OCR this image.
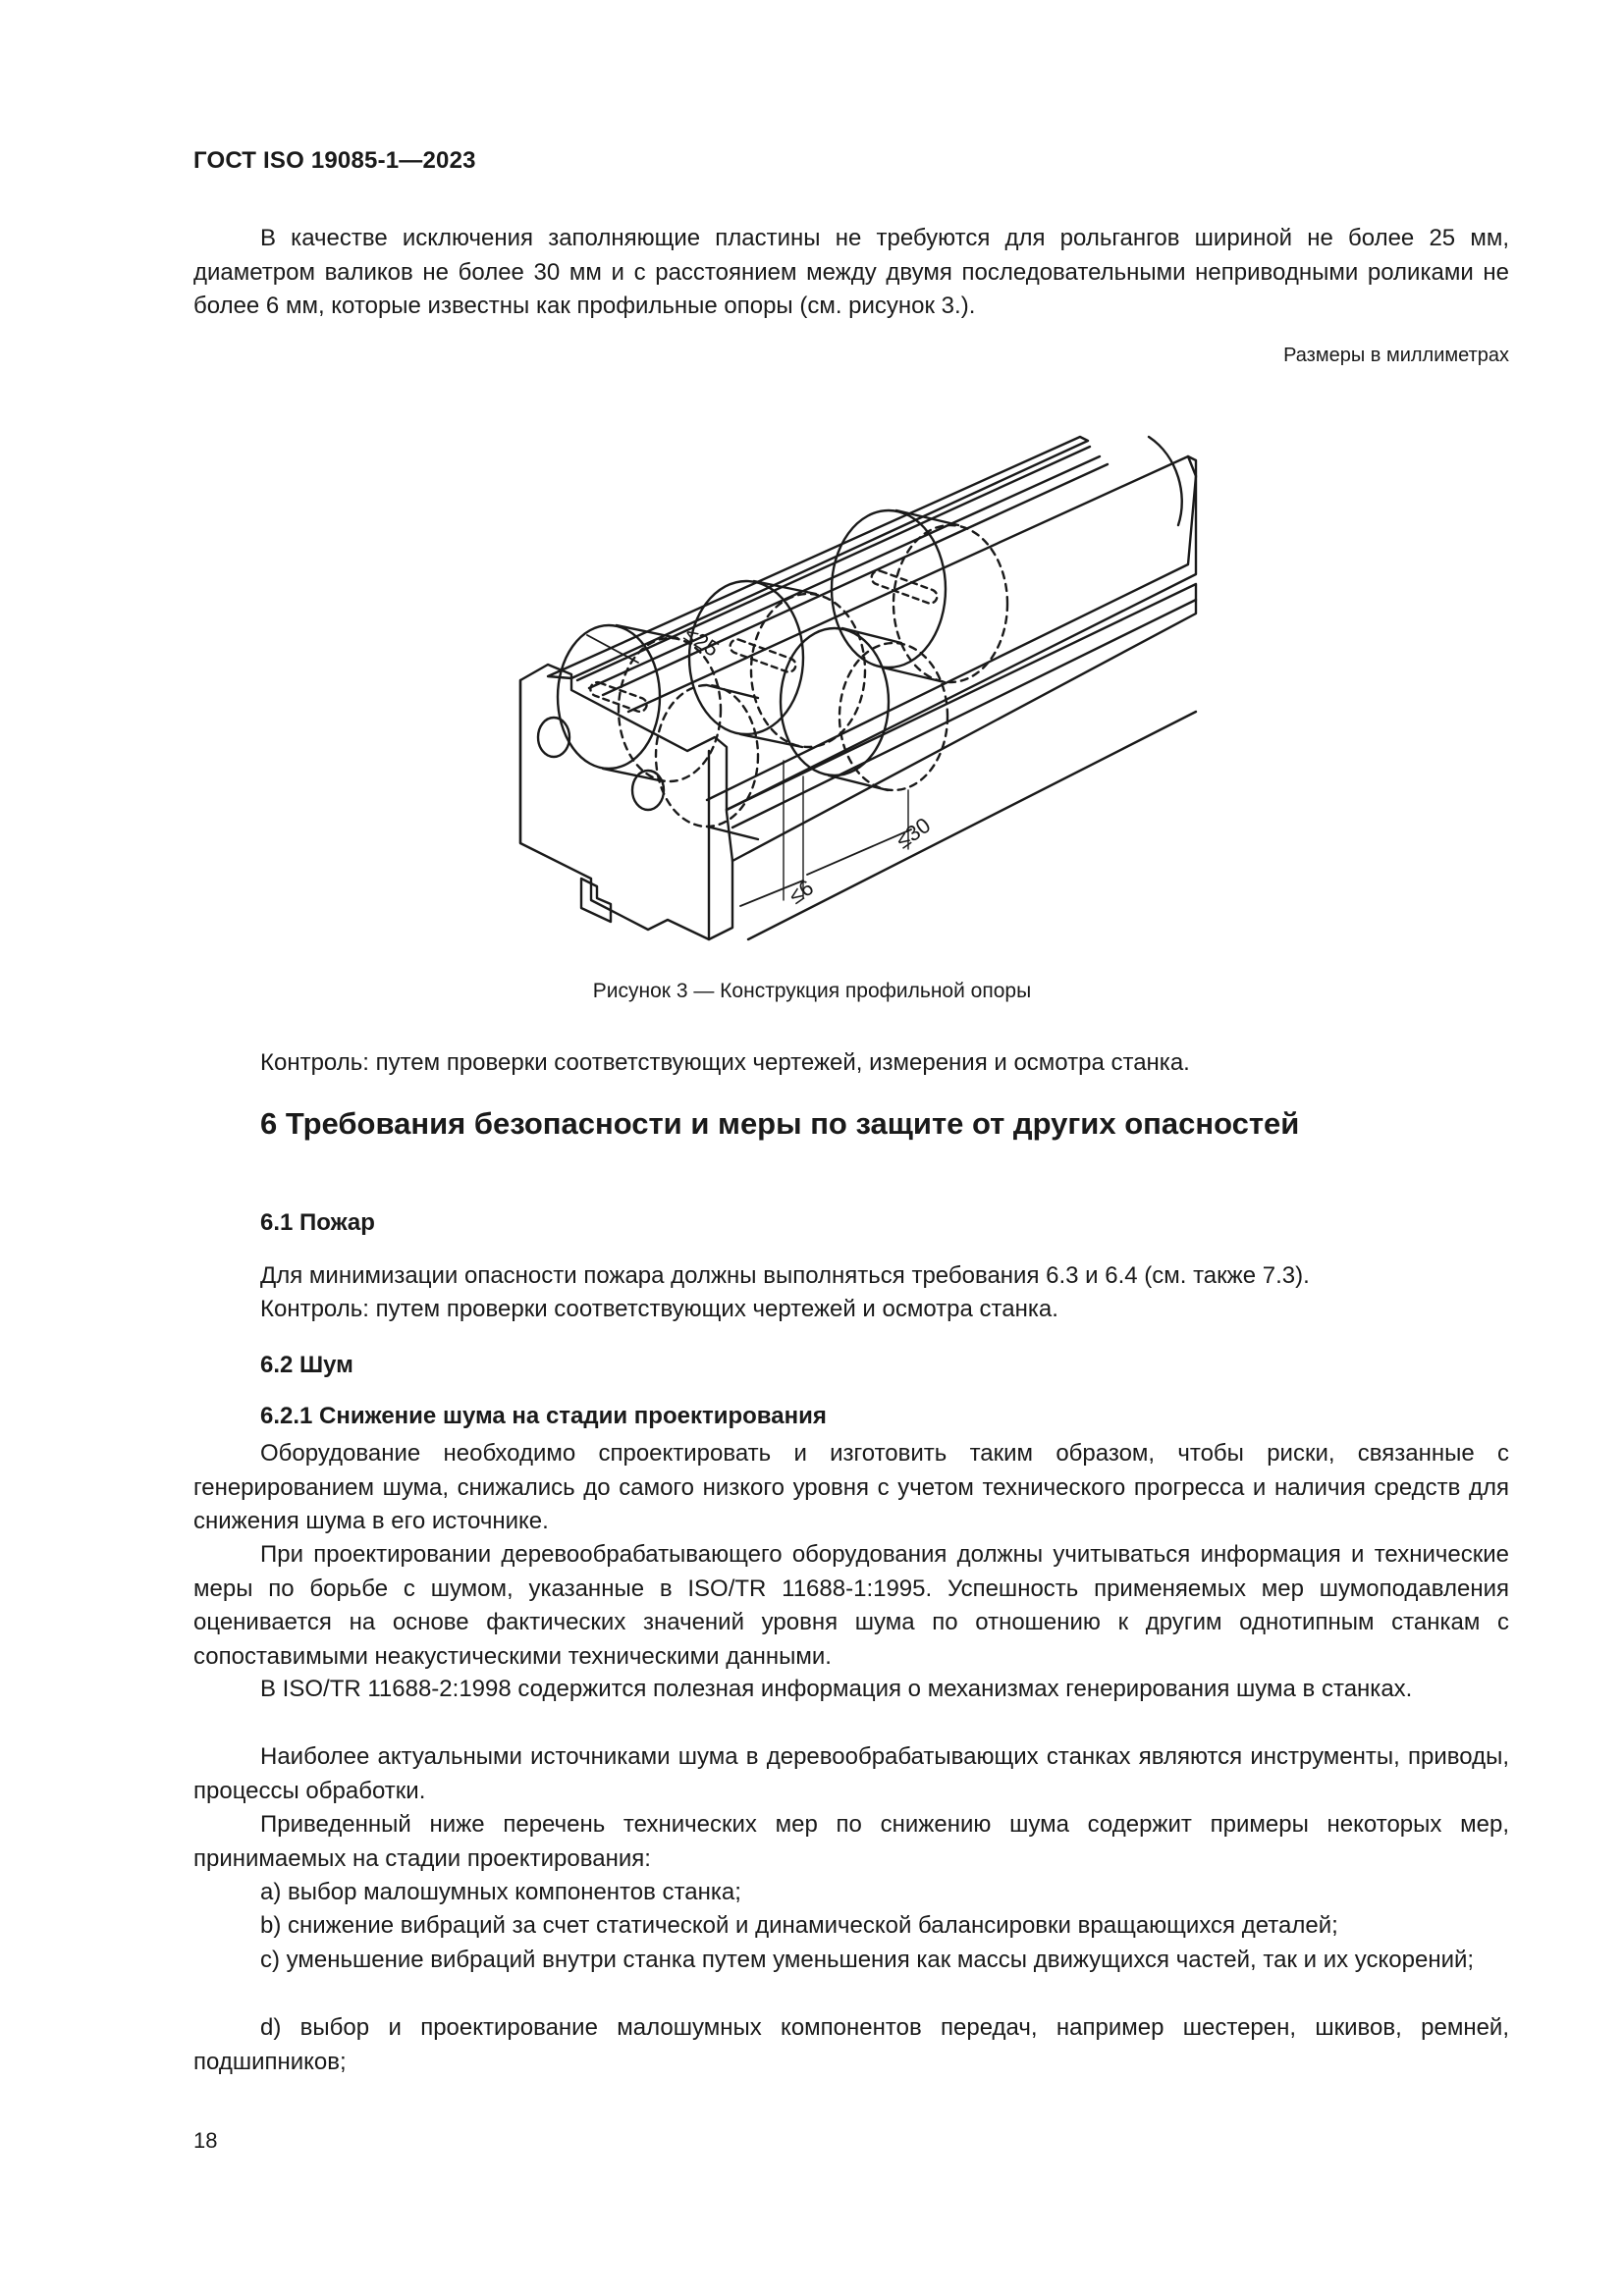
ГОСТ ISO 19085-1—2023
В качестве исключения заполняющие пластины не требуются для рольгангов шириной не более 25 мм, диаметром валиков не более 30 мм и с расстоянием между двумя последовательными неприводными роликами не более 6 мм, которые известны как профильные опоры (см. рисунок 3.).
Размеры в миллиметрах
≤25
≤30
≤6
Рисунок 3 — Конструкция профильной опоры
Контроль: путем проверки соответствующих чертежей, измерения и осмотра станка.
6 Требования безопасности и меры по защите от других опасностей
6.1 Пожар
Для минимизации опасности пожара должны выполняться требования 6.3 и 6.4 (см. также 7.3).
Контроль: путем проверки соответствующих чертежей и осмотра станка.
6.2 Шум
6.2.1 Снижение шума на стадии проектирования
Оборудование необходимо спроектировать и изготовить таким образом, чтобы риски, связанные с генерированием шума, снижались до самого низкого уровня с учетом технического прогресса и наличия средств для снижения шума в его источнике.
При проектировании деревообрабатывающего оборудования должны учитываться информация и технические меры по борьбе с шумом, указанные в ISO/TR 11688-1:1995. Успешность применяемых мер шумоподавления оценивается на основе фактических значений уровня шума по отношению к другим однотипным станкам с сопоставимыми неакустическими техническими данными.
В ISO/TR 11688-2:1998 содержится полезная информация о механизмах генерирования шума в станках.
Наиболее актуальными источниками шума в деревообрабатывающих станках являются инструменты, приводы, процессы обработки.
Приведенный ниже перечень технических мер по снижению шума содержит примеры некоторых мер, принимаемых на стадии проектирования:
a) выбор малошумных компонентов станка;
b) снижение вибраций за счет статической и динамической балансировки вращающихся деталей;
c) уменьшение вибраций внутри станка путем уменьшения как массы движущихся частей, так и их ускорений;
d) выбор и проектирование малошумных компонентов передач, например шестерен, шкивов, ремней, подшипников;
18
